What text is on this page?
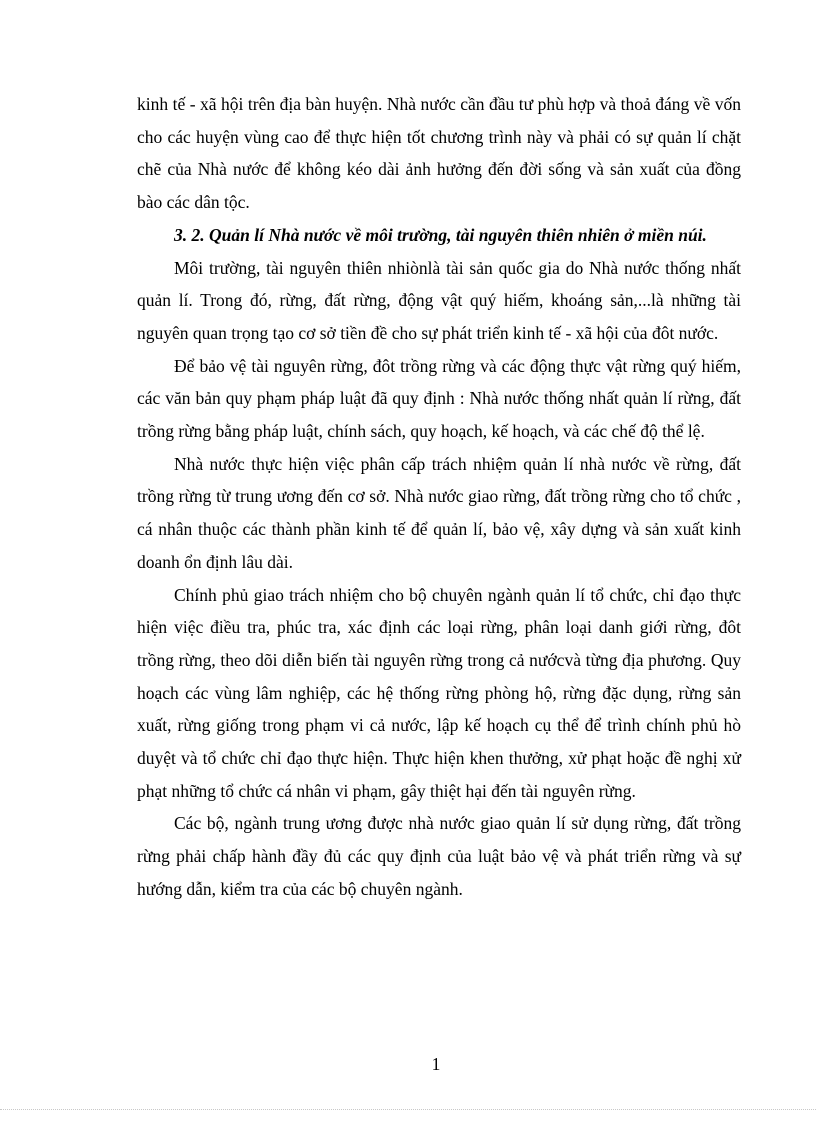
kinh tế - xã hội trên địa bàn huyện. Nhà nước cần đầu tư phù hợp và thoả đáng về vốn cho các huyện vùng cao để thực hiện tốt chương trình này và phải có sự quản lí chặt chẽ của Nhà nước để không kéo dài ảnh hưởng đến đời sống và sản xuất của đồng bào các dân tộc.

3. 2. Quản lí Nhà nước về môi trường, tài nguyên thiên nhiên ở miền núi.

Môi trường, tài nguyên thiên nhiònlà tài sản quốc gia do Nhà nước thống nhất quản lí. Trong đó, rừng, đất rừng, động vật quý hiếm, khoáng sản,...là những tài nguyên quan trọng tạo cơ sở tiền đề cho sự phát triển kinh tế - xã hội của đôt nước.

Để bảo vệ tài nguyên rừng, đôt trồng rừng và các động thực vật rừng quý hiếm, các văn bản quy phạm pháp luật đã quy định : Nhà nước thống nhất quản lí rừng, đất trồng rừng bằng pháp luật, chính sách, quy hoạch, kế hoạch, và các chế độ thể lệ.

Nhà nước thực hiện việc phân cấp trách nhiệm quản lí nhà nước về rừng, đất trồng rừng từ trung ương đến cơ sở. Nhà nước giao rừng, đất trồng rừng cho tổ chức , cá nhân thuộc các thành phần kinh tế để quản lí, bảo vệ, xây dựng và sản xuất kinh doanh ổn định lâu dài.

Chính phủ giao trách nhiệm cho bộ chuyên ngành quản lí tổ chức, chỉ đạo thực hiện việc điều tra, phúc tra, xác định các loại rừng, phân loại danh giới rừng, đôt trồng rừng, theo dõi diễn biến tài nguyên rừng trong cả nướcvà từng địa phương. Quy hoạch các vùng lâm nghiệp, các hệ thống rừng phòng hộ, rừng đặc dụng, rừng sản xuất, rừng giống trong phạm vi cả nước, lập kế hoạch cụ thể để trình chính phủ hò duyệt và tổ chức chỉ đạo thực hiện. Thực hiện khen thưởng, xử phạt hoặc đề nghị xử phạt những tổ chức cá nhân vi phạm, gây thiệt hại đến tài nguyên rừng.

Các bộ, ngành trung ương được nhà nước giao quản lí sử dụng rừng, đất trồng rừng phải chấp hành đầy đủ các quy định của luật bảo vệ và phát triển rừng và sự hướng dẫn, kiểm tra của các bộ chuyên ngành.

1
